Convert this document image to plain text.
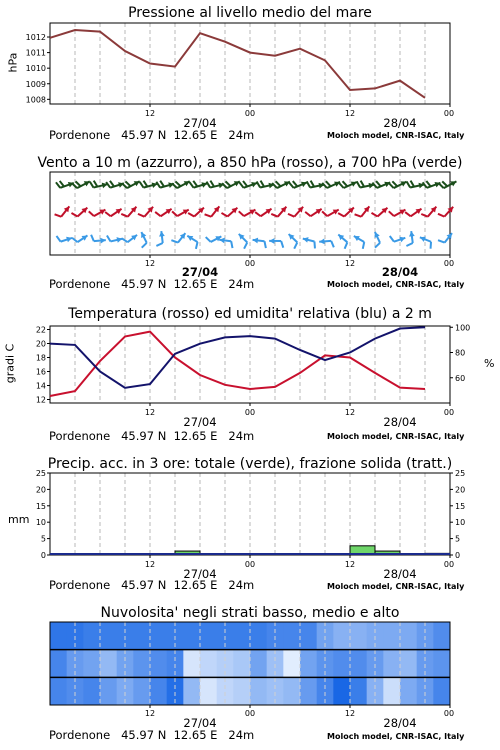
Pressione al livello medio del mare
hPa
1008
1009
1010
1011
1012
12	00	12	00
27/04	28/04
Pordenone   45.97 N  12.65 E   24m	Moloch model, CNR-ISAC, Italy
Vento a 10 m (azzurro), a 850 hPa (rosso), a 700 hPa (verde)
12	00	12	00
27/04	28/04
Pordenone   45.97 N  12.65 E   24m	Moloch model, CNR-ISAC, Italy
Temperatura (rosso) ed umidita' relativa (blu) a 2 m
gradi C	%
12
14
16
18
20
22
60
80
100
12	00	12	00
27/04	28/04
Pordenone   45.97 N  12.65 E   24m	Moloch model, CNR-ISAC, Italy
Precip. acc. in 3 ore: totale (verde), frazione solida (tratt.)
mm
0	0
5	5
10	10
15	15
20	20
25	25
12	00	12	00
27/04	28/04
Pordenone   45.97 N  12.65 E   24m	Moloch model, CNR-ISAC, Italy
Nuvolosita' negli strati basso, medio e alto
12	00	12	00
27/04	28/04
Pordenone   45.97 N  12.65 E   24m	Moloch model, CNR-ISAC, Italy
